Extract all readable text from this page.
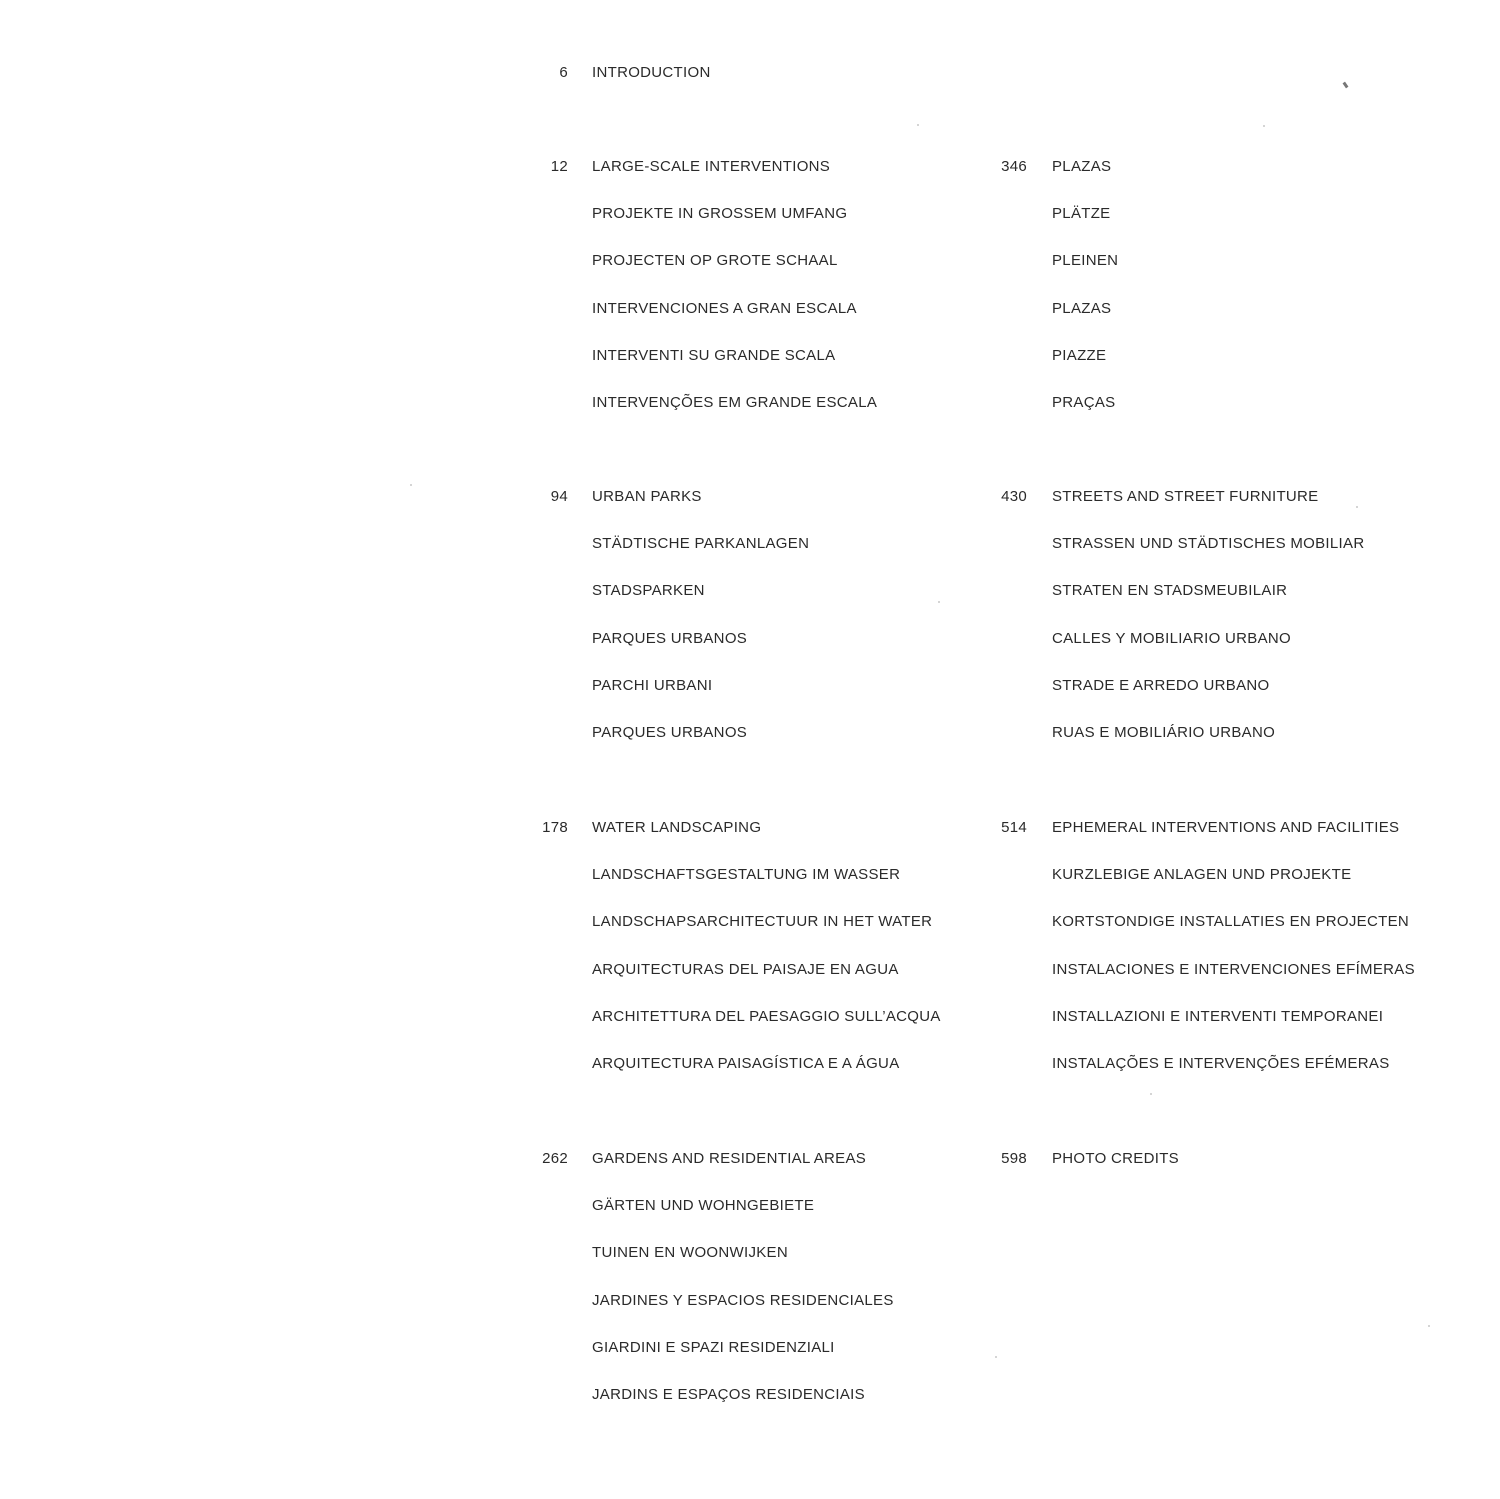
6 INTRODUCTION
12 LARGE-SCALE INTERVENTIONS
PROJEKTE IN GROSSEM UMFANG
PROJECTEN OP GROTE SCHAAL
INTERVENCIONES A GRAN ESCALA
INTERVENTI SU GRANDE SCALA
INTERVENÇÕES EM GRANDE ESCALA
94 URBAN PARKS
STÄDTISCHE PARKANLAGEN
STADSPARKEN
PARQUES URBANOS
PARCHI URBANI
PARQUES URBANOS
178 WATER LANDSCAPING
LANDSCHAFTSGESTALTUNG IM WASSER
LANDSCHAPSARCHITECTUUR IN HET WATER
ARQUITECTURAS DEL PAISAJE EN AGUA
ARCHITETTURA DEL PAESAGGIO SULL’ACQUA
ARQUITECTURA PAISAGÍSTICA E A ÁGUA
262 GARDENS AND RESIDENTIAL AREAS
GÄRTEN UND WOHNGEBIETE
TUINEN EN WOONWIJKEN
JARDINES Y ESPACIOS RESIDENCIALES
GIARDINI E SPAZI RESIDENZIALI
JARDINS E ESPAÇOS RESIDENCIAIS
346 PLAZAS
PLÄTZE
PLEINEN
PLAZAS
PIAZZE
PRAÇAS
430 STREETS AND STREET FURNITURE
STRASSEN UND STÄDTISCHES MOBILIAR
STRATEN EN STADSMEUBILAIR
CALLES Y MOBILIARIO URBANO
STRADE E ARREDO URBANO
RUAS E MOBILIÁRIO URBANO
514 EPHEMERAL INTERVENTIONS AND FACILITIES
KURZLEBIGE ANLAGEN UND PROJEKTE
KORTSTONDIGE INSTALLATIES EN PROJECTEN
INSTALACIONES E INTERVENCIONES EFÍMERAS
INSTALLAZIONI E INTERVENTI TEMPORANEI
INSTALAÇÕES E INTERVENÇÕES EFÉMERAS
598 PHOTO CREDITS
